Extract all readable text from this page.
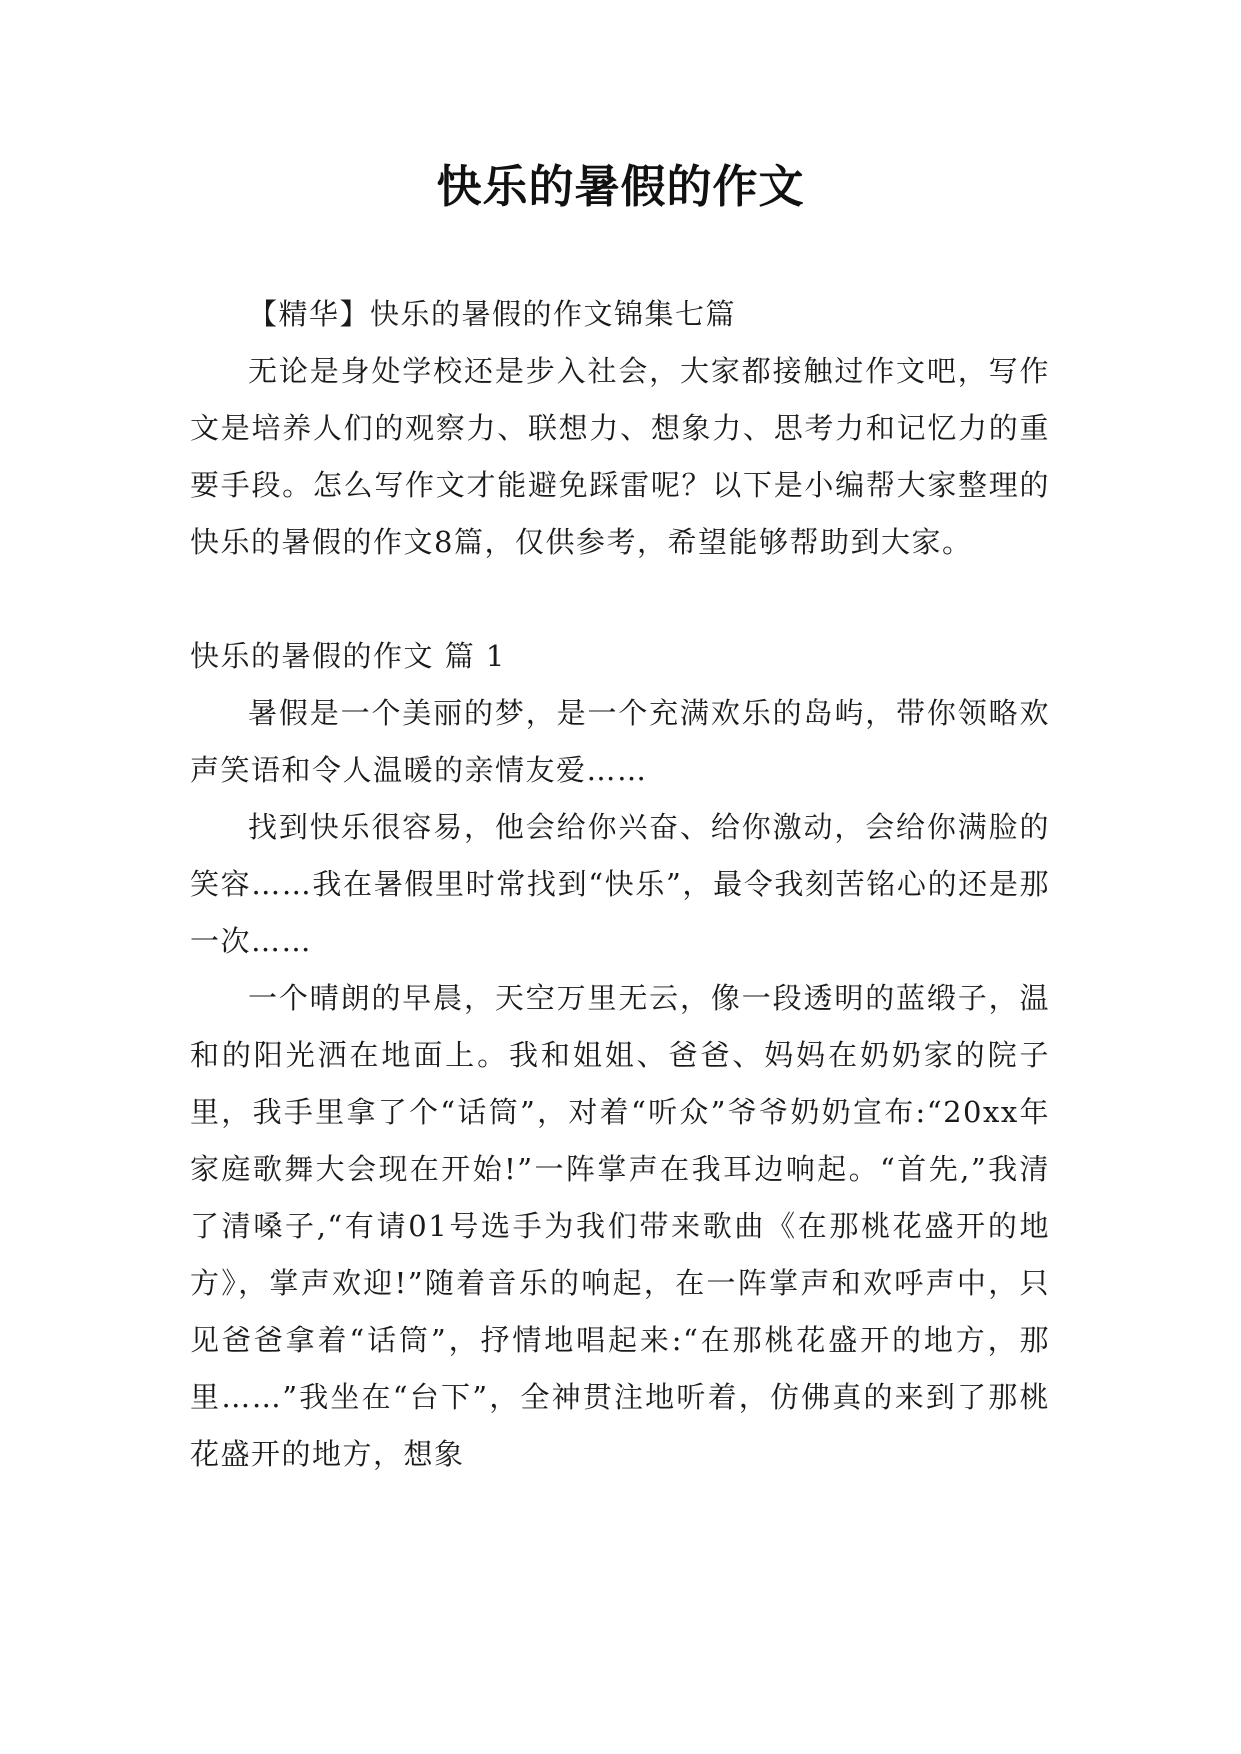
快乐的暑假的作文

【精华】快乐的暑假的作文锦集七篇

无论是身处学校还是步入社会，大家都接触过作文吧，写作文是培养人们的观察力、联想力、想象力、思考力和记忆力的重要手段。怎么写作文才能避免踩雷呢？以下是小编帮大家整理的快乐的暑假的作文8篇，仅供参考，希望能够帮助到大家。

快乐的暑假的作文 篇 1

暑假是一个美丽的梦，是一个充满欢乐的岛屿，带你领略欢声笑语和令人温暖的亲情友爱……

找到快乐很容易，他会给你兴奋、给你激动，会给你满脸的笑容……我在暑假里时常找到“快乐”，最令我刻苦铭心的还是那一次……

一个晴朗的早晨，天空万里无云，像一段透明的蓝缎子，温和的阳光洒在地面上。我和姐姐、爸爸、妈妈在奶奶家的院子里，我手里拿了个“话筒”，对着“听众”爷爷奶奶宣布:“20xx年家庭歌舞大会现在开始!”一阵掌声在我耳边响起。“首先,”我清了清嗓子,“有请01号选手为我们带来歌曲《在那桃花盛开的地方》，掌声欢迎!”随着音乐的响起，在一阵掌声和欢呼声中，只见爸爸拿着“话筒”，抒情地唱起来:“在那桃花盛开的地方，那里……”我坐在“台下”，全神贯注地听着，仿佛真的来到了那桃花盛开的地方，想象
